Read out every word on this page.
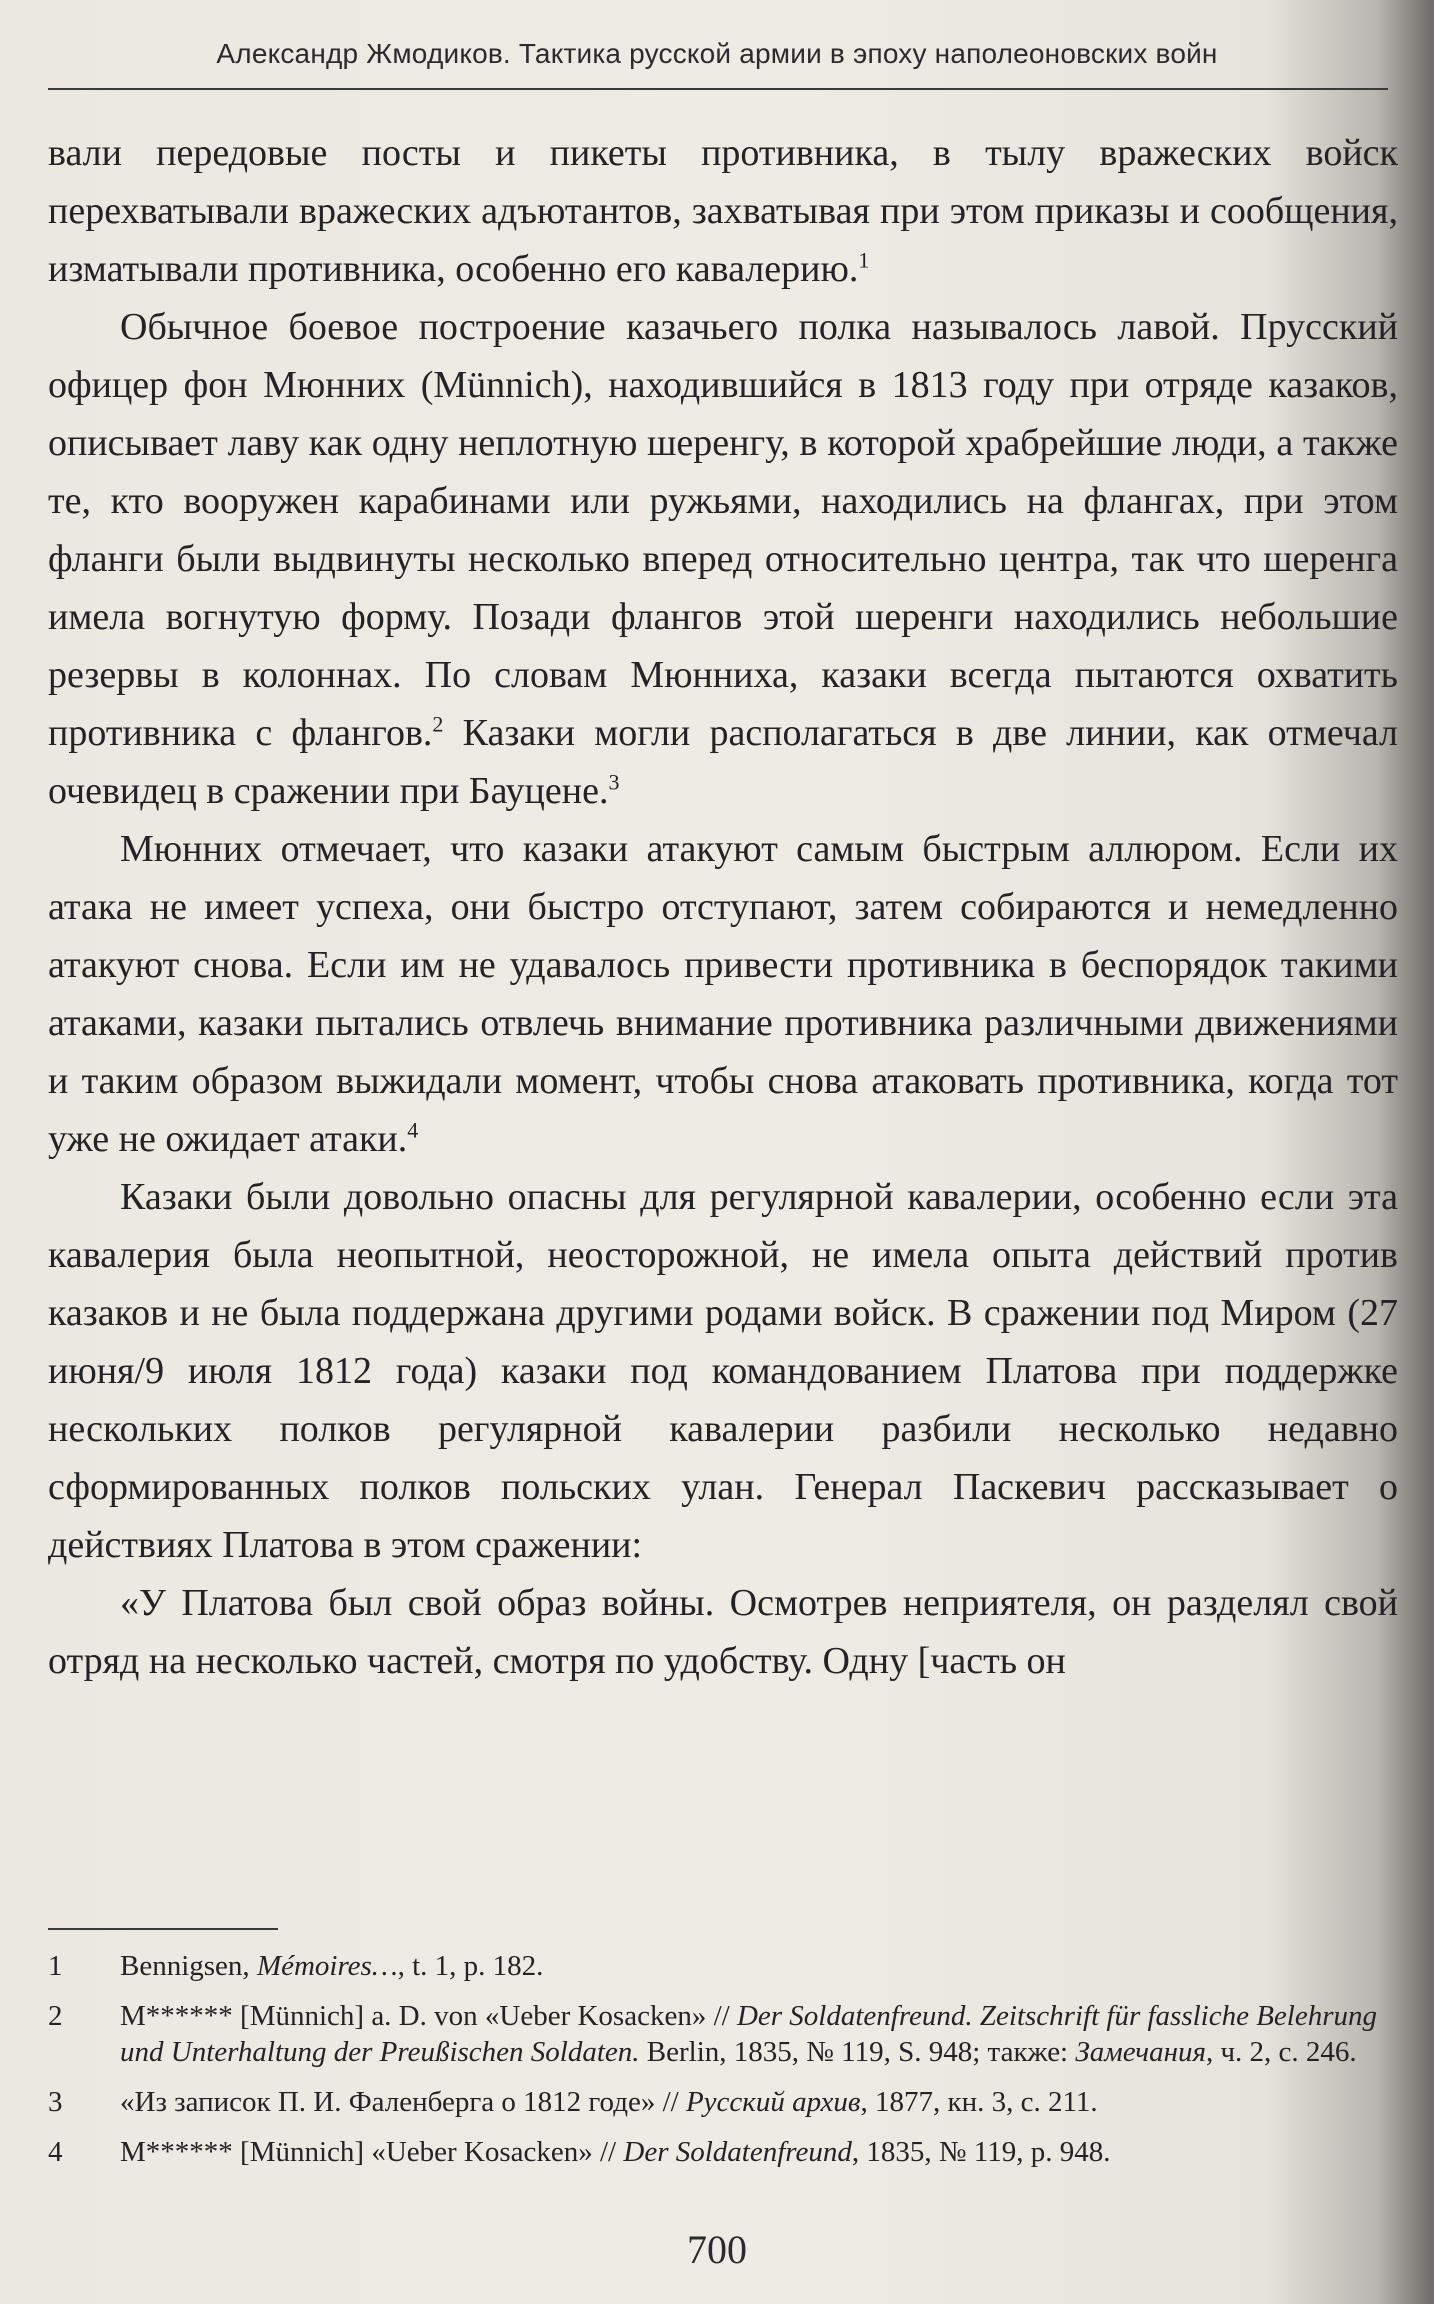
Александр Жмодиков. Тактика русской армии в эпоху наполеоновских войн

вали передовые посты и пикеты противника, в тылу вражеских войск перехватывали вражеских адъютантов, захватывая при этом приказы и сообщения, изматывали противника, особенно его кавалерию.$^1$

Обычное боевое построение казачьего полка называлось лавой. Прусский офицер фон Мюнних (Münnich), находившийся в 1813 году при отряде казаков, описывает лаву как одну неплотную шеренгу, в которой храбрейшие люди, а также те, кто вооружен карабинами или ружьями, находились на флангах, при этом фланги были выдвинуты несколько вперед относительно центра, так что шеренга имела вогнутую форму. Позади флангов этой шеренги находились небольшие резервы в колоннах. По словам Мюнниха, казаки всегда пытаются охватить противника с флангов.$^2$ Казаки могли располагаться в две линии, как отмечал очевидец в сражении при Бауцене.$^3$

Мюнних отмечает, что казаки атакуют самым быстрым аллюром. Если их атака не имеет успеха, они быстро отступают, затем собираются и немедленно атакуют снова. Если им не удавалось привести противника в беспорядок такими атаками, казаки пытались отвлечь внимание противника различными движениями и таким образом выжидали момент, чтобы снова атаковать противника, когда тот уже не ожидает атаки.$^4$

Казаки были довольно опасны для регулярной кавалерии, особенно если эта кавалерия была неопытной, неосторожной, не имела опыта действий против казаков и не была поддержана другими родами войск. В сражении под Миром (27 июня/9 июля 1812 года) казаки под командованием Платова при поддержке нескольких полков регулярной кавалерии разбили несколько недавно сформированных полков польских улан. Генерал Паскевич рассказывает о действиях Платова в этом сражении:

«У Платова был свой образ войны. Осмотрев неприятеля, он разделял свой отряд на несколько частей, смотря по удобству. Одну [часть он

1	Bennigsen, Mémoires…, t. 1, p. 182.
2	M****** [Münnich] a. D. von «Ueber Kosacken» // Der Soldatenfreund. Zeitschrift für fassliche Belehrung und Unterhaltung der Preußischen Soldaten. Berlin, 1835, № 119, S. 948; также: Замечания, ч. 2, с. 246.
3	«Из записок П. И. Фаленберга о 1812 годе» // Русский архив, 1877, кн. 3, с. 211.
4	M****** [Münnich] «Ueber Kosacken» // Der Soldatenfreund, 1835, № 119, p. 948.
700
